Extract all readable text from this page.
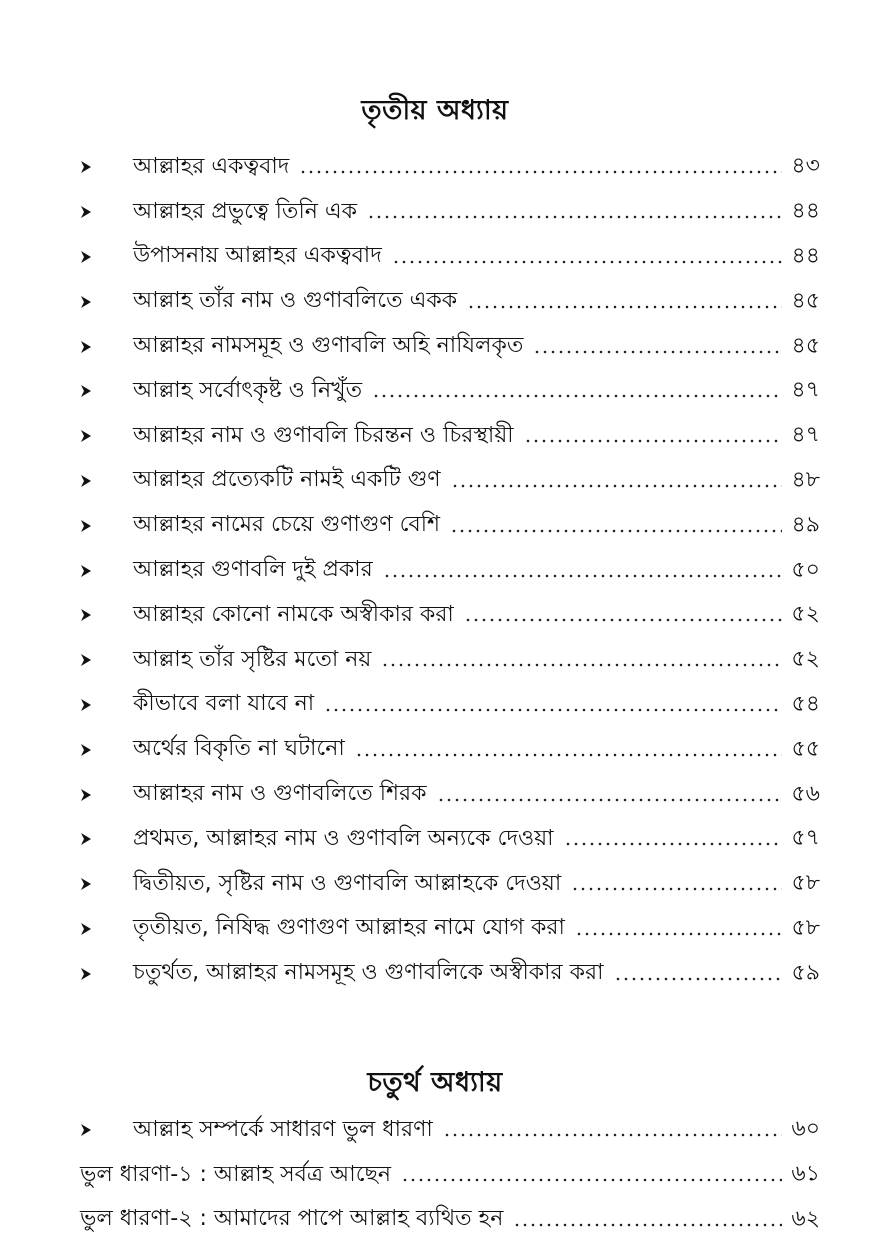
তৃতীয় অধ্যায়
আল্লাহর একত্ববাদ	৪৩
আল্লাহর প্রভুত্বে তিনি এক	৪৪
উপাসনায় আল্লাহর একত্ববাদ	৪৪
আল্লাহ তাঁর নাম ও গুণাবলিতে একক	৪৫
আল্লাহর নামসমূহ ও গুণাবলি অহি নাযিলকৃত	৪৫
আল্লাহ সর্বোৎকৃষ্ট ও নিখুঁত	৪৭
আল্লাহর নাম ও গুণাবলি চিরন্তন ও চিরস্থায়ী	৪৭
আল্লাহর প্রত্যেকটি নামই একটি গুণ	৪৮
আল্লাহর নামের চেয়ে গুণাগুণ বেশি	৪৯
আল্লাহর গুণাবলি দুই প্রকার	৫০
আল্লাহর কোনো নামকে অস্বীকার করা	৫২
আল্লাহ তাঁর সৃষ্টির মতো নয়	৫২
কীভাবে বলা যাবে না	৫৪
অর্থের বিকৃতি না ঘটানো	৫৫
আল্লাহর নাম ও গুণাবলিতে শিরক	৫৬
প্রথমত, আল্লাহর নাম ও গুণাবলি অন্যকে দেওয়া	৫৭
দ্বিতীয়ত, সৃষ্টির নাম ও গুণাবলি আল্লাহকে দেওয়া	৫৮
তৃতীয়ত, নিষিদ্ধ গুণাগুণ আল্লাহর নামে যোগ করা	৫৮
চতুর্থত, আল্লাহর নামসমূহ ও গুণাবলিকে অস্বীকার করা	৫৯
চতুর্থ অধ্যায়
আল্লাহ সম্পর্কে সাধারণ ভুল ধারণা	৬০
ভুল ধারণা-১ : আল্লাহ সর্বত্র আছেন	৬১
ভুল ধারণা-২ : আমাদের পাপে আল্লাহ ব্যথিত হন	৬২
